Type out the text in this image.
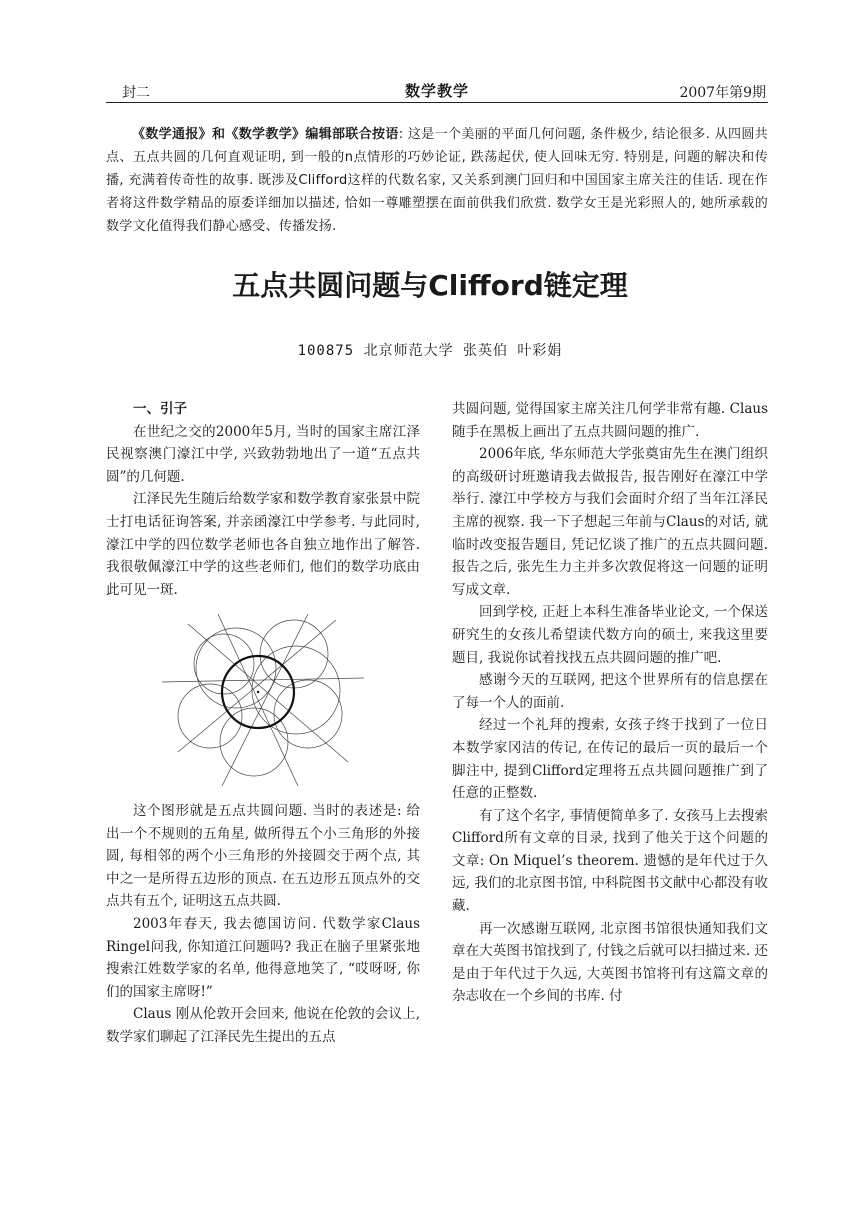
封二	数学教学	2007年第9期

《数学通报》和《数学教学》编辑部联合按语: 这是一个美丽的平面几何问题, 条件极少, 结论很多. 从四圆共点、五点共圆的几何直观证明, 到一般的n点情形的巧妙论证, 跌荡起伏, 使人回味无穷. 特别是, 问题的解决和传播, 充满着传奇性的故事. 既涉及Clifford这样的代数名家, 又关系到澳门回归和中国国家主席关注的佳话. 现在作者将这件数学精品的原委详细加以描述, 恰如一尊雕塑摆在面前供我们欣赏. 数学女王是光彩照人的, 她所承载的数学文化值得我们静心感受、传播发扬.

五点共圆问题与Clifford链定理
100875 北京师范大学 张英伯 叶彩娟
一、引子

在世纪之交的2000年5月, 当时的国家主席江泽民视察澳门濠江中学, 兴致勃勃地出了一道“五点共圆”的几何题.

江泽民先生随后给数学家和数学教育家张景中院士打电话征询答案, 并亲函濠江中学参考. 与此同时, 濠江中学的四位数学老师也各自独立地作出了解答. 我很敬佩濠江中学的这些老师们, 他们的数学功底由此可见一斑.

这个图形就是五点共圆问题. 当时的表述是: 给出一个不规则的五角星, 做所得五个小三角形的外接圆, 每相邻的两个小三角形的外接圆交于两个点, 其中之一是所得五边形的顶点. 在五边形五顶点外的交点共有五个, 证明这五点共圆.

2003年春天, 我去德国访问. 代数学家Claus Ringel问我, 你知道江问题吗? 我正在脑子里紧张地搜索江姓数学家的名单, 他得意地笑了, “哎呀呀, 你们的国家主席呀!”

Claus 刚从伦敦开会回来, 他说在伦敦的会议上, 数学家们聊起了江泽民先生提出的五点

共圆问题, 觉得国家主席关注几何学非常有趣. Claus 随手在黑板上画出了五点共圆问题的推广.

2006年底, 华东师范大学张奠宙先生在澳门组织的高级研讨班邀请我去做报告, 报告刚好在濠江中学举行. 濠江中学校方与我们会面时介绍了当年江泽民主席的视察. 我一下子想起三年前与Claus的对话, 就临时改变报告题目, 凭记忆谈了推广的五点共圆问题. 报告之后, 张先生力主并多次敦促将这一问题的证明写成文章.

回到学校, 正赶上本科生准备毕业论文, 一个保送研究生的女孩儿希望读代数方向的硕士, 来我这里要题目, 我说你试着找找五点共圆问题的推广吧.

感谢今天的互联网, 把这个世界所有的信息摆在了每一个人的面前.

经过一个礼拜的搜索, 女孩子终于找到了一位日本数学家冈洁的传记, 在传记的最后一页的最后一个脚注中, 提到Clifford定理将五点共圆问题推广到了任意的正整数.

有了这个名字, 事情便简单多了. 女孩马上去搜索Clifford所有文章的目录, 找到了他关于这个问题的文章: On Miquel’s theorem. 遗憾的是年代过于久远, 我们的北京图书馆, 中科院图书文献中心都没有收藏.

再一次感谢互联网, 北京图书馆很快通知我们文章在大英图书馆找到了, 付钱之后就可以扫描过来. 还是由于年代过于久远, 大英图书馆将刊有这篇文章的杂志收在一个乡间的书库. 付
